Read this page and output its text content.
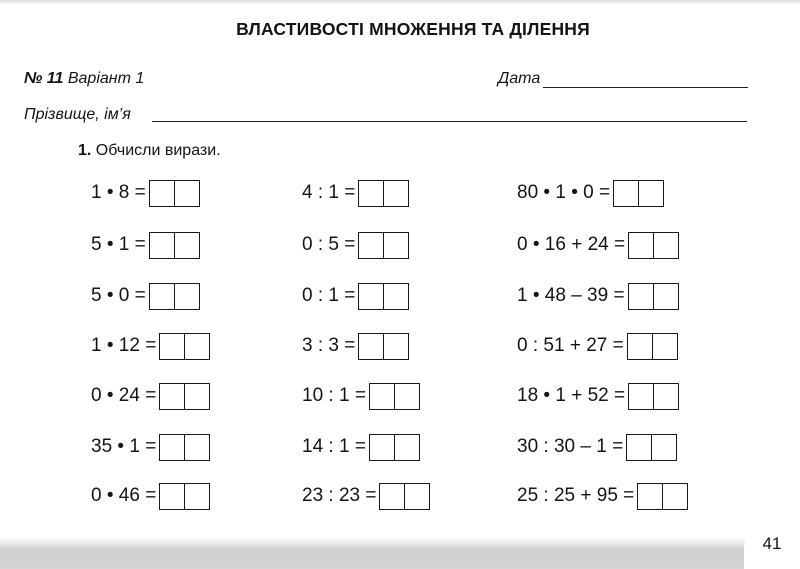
ВЛАСТИВОСТІ МНОЖЕННЯ ТА ДІЛЕННЯ
№ 11 Варіант 1	Дата
Прізвище, ім’я
1. Обчисли вирази.
1 • 8 =
5 • 1 =
5 • 0 =
1 • 12 =
0 • 24 =
35 • 1 =
0 • 46 =
4 : 1 =
0 : 5 =
0 : 1 =
3 : 3 =
10 : 1 =
14 : 1 =
23 : 23 =
80 • 1 • 0 =
0 • 16 + 24 =
1 • 48 – 39 =
0 : 51 + 27 =
18 • 1 + 52 =
30 : 30 – 1 =
25 : 25 + 95 =
41
